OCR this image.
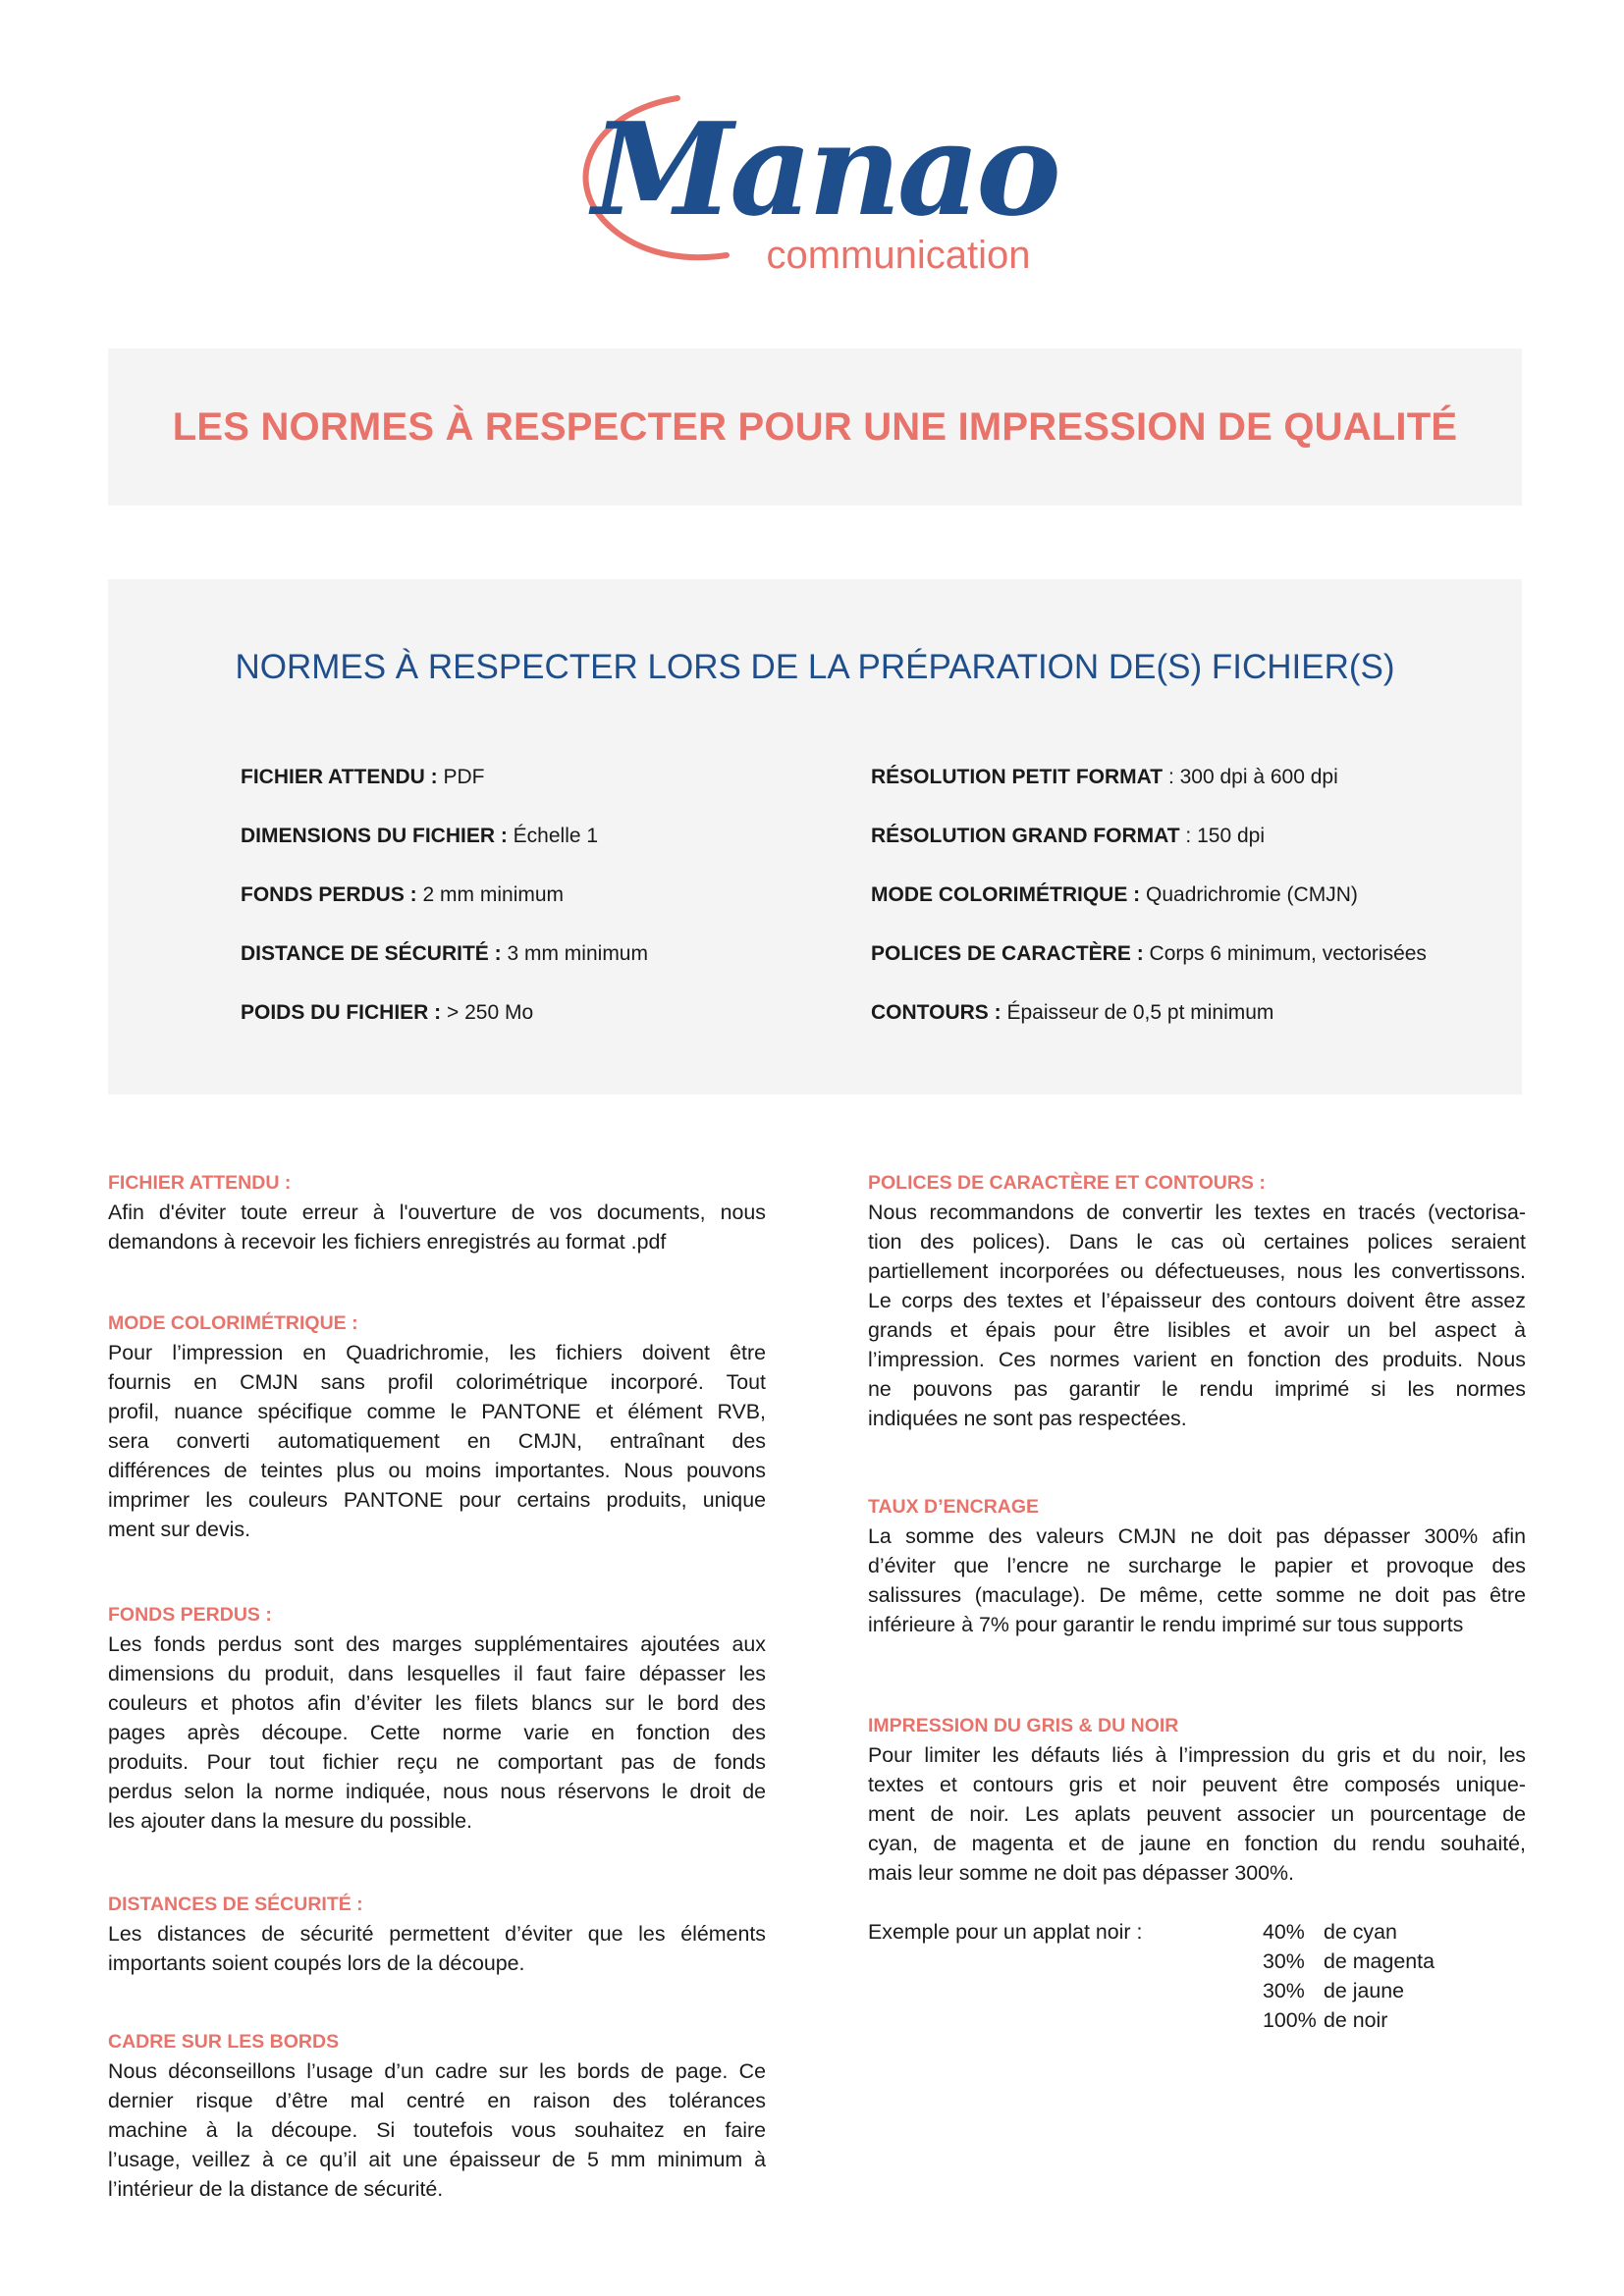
Manao
communication
LES NORMES À RESPECTER POUR UNE IMPRESSION DE QUALITÉ
NORMES À RESPECTER LORS DE LA PRÉPARATION DE(S) FICHIER(S)
FICHIER ATTENDU : PDF
DIMENSIONS DU FICHIER : Échelle 1
FONDS PERDUS : 2 mm minimum
DISTANCE DE SÉCURITÉ : 3 mm minimum
POIDS DU FICHIER : > 250 Mo
RÉSOLUTION PETIT FORMAT : 300 dpi à 600 dpi
RÉSOLUTION GRAND FORMAT : 150 dpi
MODE COLORIMÉTRIQUE : Quadrichromie (CMJN)
POLICES DE CARACTÈRE : Corps 6 minimum, vectorisées
CONTOURS : Épaisseur de 0,5 pt minimum
FICHIER ATTENDU :

Afin d'éviter toute erreur à l'ouverture de vos documents, nous
demandons à recevoir les fichiers enregistrés au format .pdf

MODE COLORIMÉTRIQUE :

Pour l’impression en Quadrichromie, les fichiers doivent être
fournis en CMJN sans profil colorimétrique incorporé. Tout
profil, nuance spécifique comme le PANTONE et élément RVB,
sera converti automatiquement en CMJN, entraînant des
différences de teintes plus ou moins importantes. Nous pouvons
imprimer les couleurs PANTONE pour certains produits, unique
ment sur devis.

FONDS PERDUS :

Les fonds perdus sont des marges supplémentaires ajoutées aux
dimensions du produit, dans lesquelles il faut faire dépasser les
couleurs et photos afin d’éviter les filets blancs sur le bord des
pages après découpe. Cette norme varie en fonction des
produits. Pour tout fichier reçu ne comportant pas de fonds
perdus selon la norme indiquée, nous nous réservons le droit de
les ajouter dans la mesure du possible.

DISTANCES DE SÉCURITÉ :

Les distances de sécurité permettent d’éviter que les éléments
importants soient coupés lors de la découpe.

CADRE SUR LES BORDS

Nous déconseillons l’usage d’un cadre sur les bords de page. Ce
dernier risque d’être mal centré en raison des tolérances
machine à la découpe. Si toutefois vous souhaitez en faire
l’usage, veillez à ce qu’il ait une épaisseur de 5 mm minimum à
l’intérieur de la distance de sécurité.

POLICES DE CARACTÈRE ET CONTOURS :

Nous recommandons de convertir les textes en tracés (vectorisa-
tion des polices). Dans le cas où certaines polices seraient
partiellement incorporées ou défectueuses, nous les convertissons.
Le corps des textes et l’épaisseur des contours doivent être assez
grands et épais pour être lisibles et avoir un bel aspect à
l’impression. Ces normes varient en fonction des produits. Nous
ne pouvons pas garantir le rendu imprimé si les normes
indiquées ne sont pas respectées.

TAUX D’ENCRAGE

La somme des valeurs CMJN ne doit pas dépasser 300% afin
d’éviter que l’encre ne surcharge le papier et provoque des
salissures (maculage). De même, cette somme ne doit pas être
inférieure à 7% pour garantir le rendu imprimé sur tous supports

IMPRESSION DU GRIS & DU NOIR

Pour limiter les défauts liés à l’impression du gris et du noir, les
textes et contours gris et noir peuvent être composés unique-
ment de noir. Les aplats peuvent associer un pourcentage de
cyan, de magenta et de jaune en fonction du rendu souhaité,
mais leur somme ne doit pas dépasser 300%.

Exemple pour un applat noir :	40% de cyan
30% de magenta
30% de jaune
100% de noir
